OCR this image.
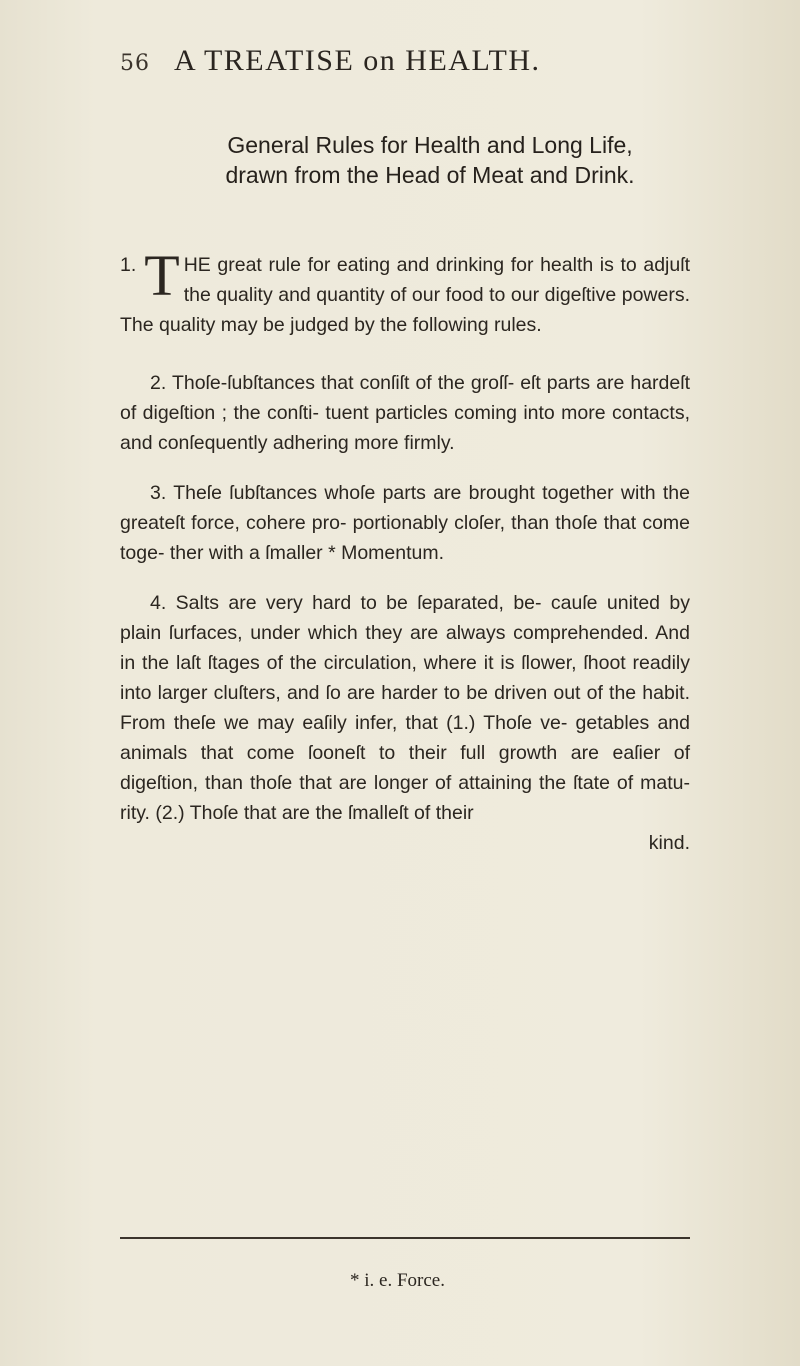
56 A TREATISE on HEALTH.
General Rules for Health and Long Life,
drawn from the Head of Meat and Drink.

1. T HE great rule for eating and drinking for health is to adjuſt the quality and quantity of our food to our digeſtive powers. The quality may be judged by the following rules.

2. Thoſe-ſubſtances that conſiſt of the groſſ- eſt parts are hardeſt of digeſtion ; the conſti- tuent particles coming into more contacts, and conſequently adhering more firmly.

3. Theſe ſubſtances whoſe parts are brought together with the greateſt force, cohere pro- portionably cloſer, than thoſe that come toge- ther with a ſmaller * Momentum.

4. Salts are very hard to be ſeparated, be- cauſe united by plain ſurfaces, under which they are always comprehended. And in the laſt ſtages of the circulation, where it is ſlower, ſhoot readily into larger cluſters, and ſo are harder to be driven out of the habit. From theſe we may eaſily infer, that (1.) Thoſe ve- getables and animals that come ſooneſt to their full growth are eaſier of digeſtion, than thoſe that are longer of attaining the ſtate of matu- rity. (2.) Thoſe that are the ſmalleſt of their

kind.
* i. e. Force.
